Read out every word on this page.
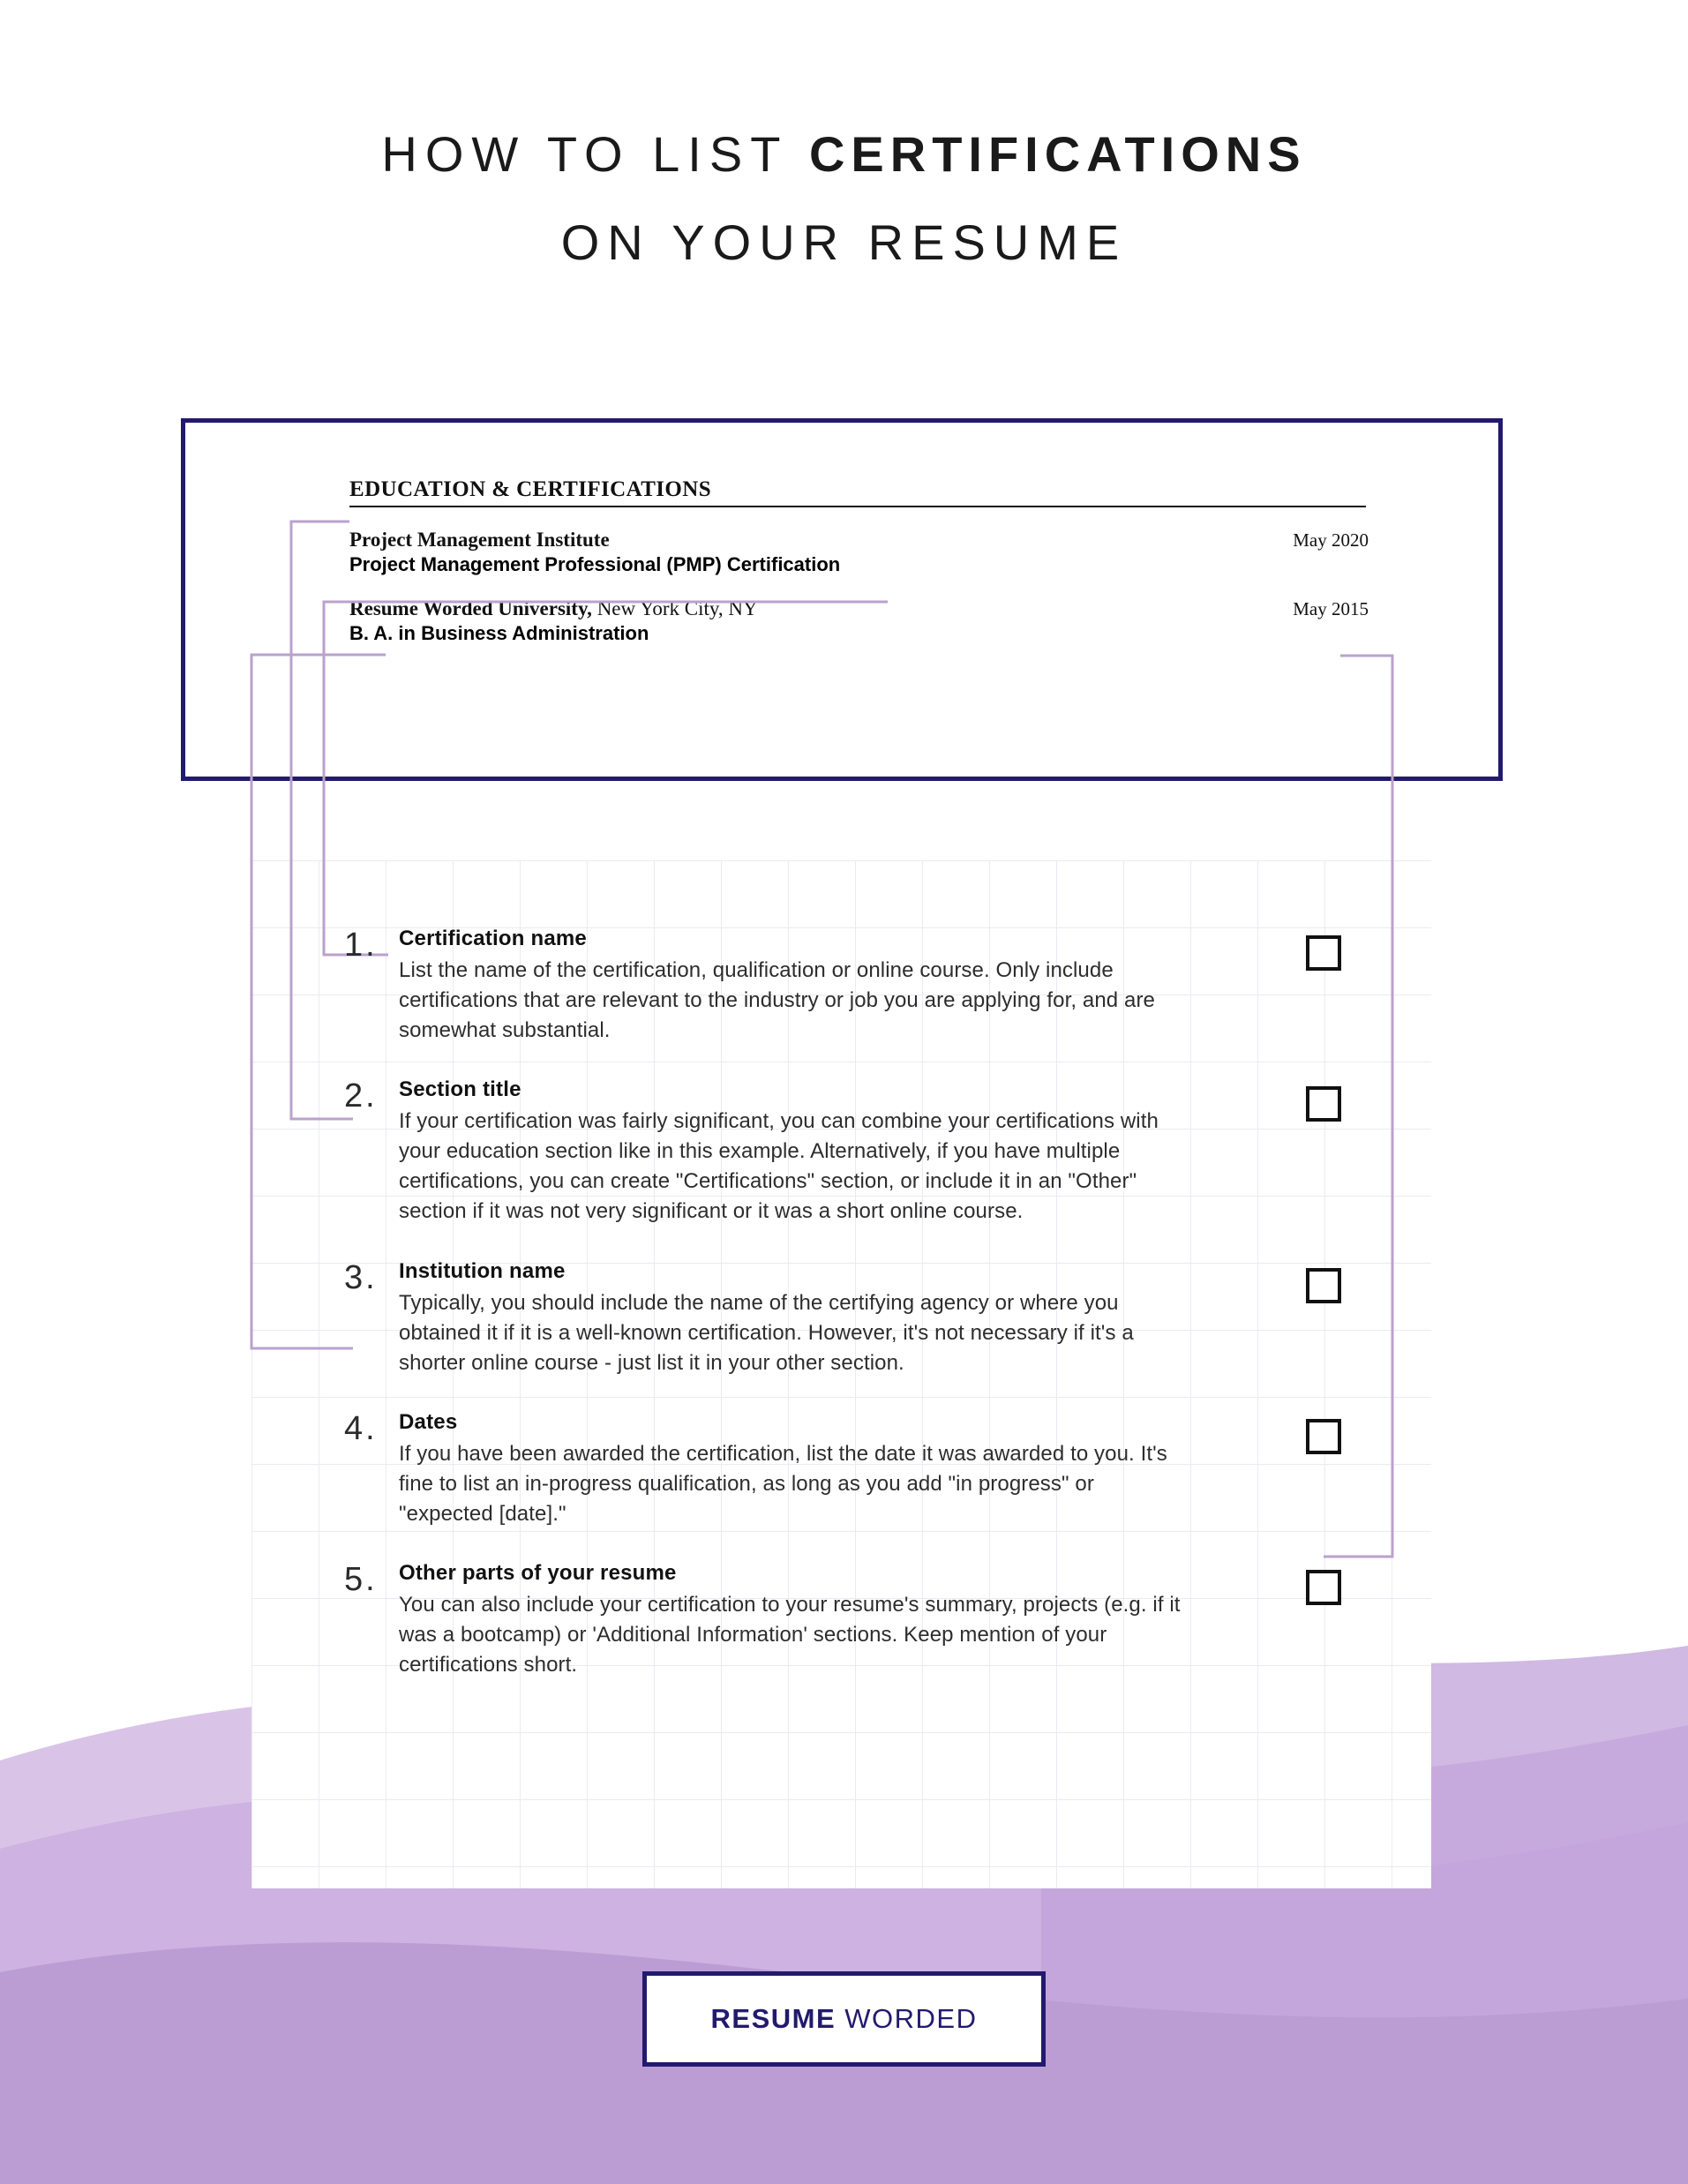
HOW TO LIST CERTIFICATIONS
ON YOUR RESUME
EDUCATION & CERTIFICATIONS
Project Management Institute	May 2020
Project Management Professional (PMP) Certification
Resume Worded University, New York City, NY	May 2015
B. A. in Business Administration
1.	Certification name
List the name of the certification, qualification or online course. Only include certifications that are relevant to the industry or job you are applying for, and are somewhat substantial.
2.	Section title
If your certification was fairly significant, you can combine your certifications with your education section like in this example. Alternatively, if you have multiple certifications, you can create "Certifications" section, or include it in an "Other" section if it was not very significant or it was a short online course.
3.	Institution name
Typically, you should include the name of the certifying agency or where you obtained it if it is a well-known certification. However, it's not necessary if it's a shorter online course - just list it in your other section.
4.	Dates
If you have been awarded the certification, list the date it was awarded to you. It's fine to list an in-progress qualification, as long as you add "in progress" or "expected [date]."
5.	Other parts of your resume
You can also include your certification to your resume's summary, projects (e.g. if it was a bootcamp) or 'Additional Information' sections. Keep mention of your certifications short.
RESUME WORDED
